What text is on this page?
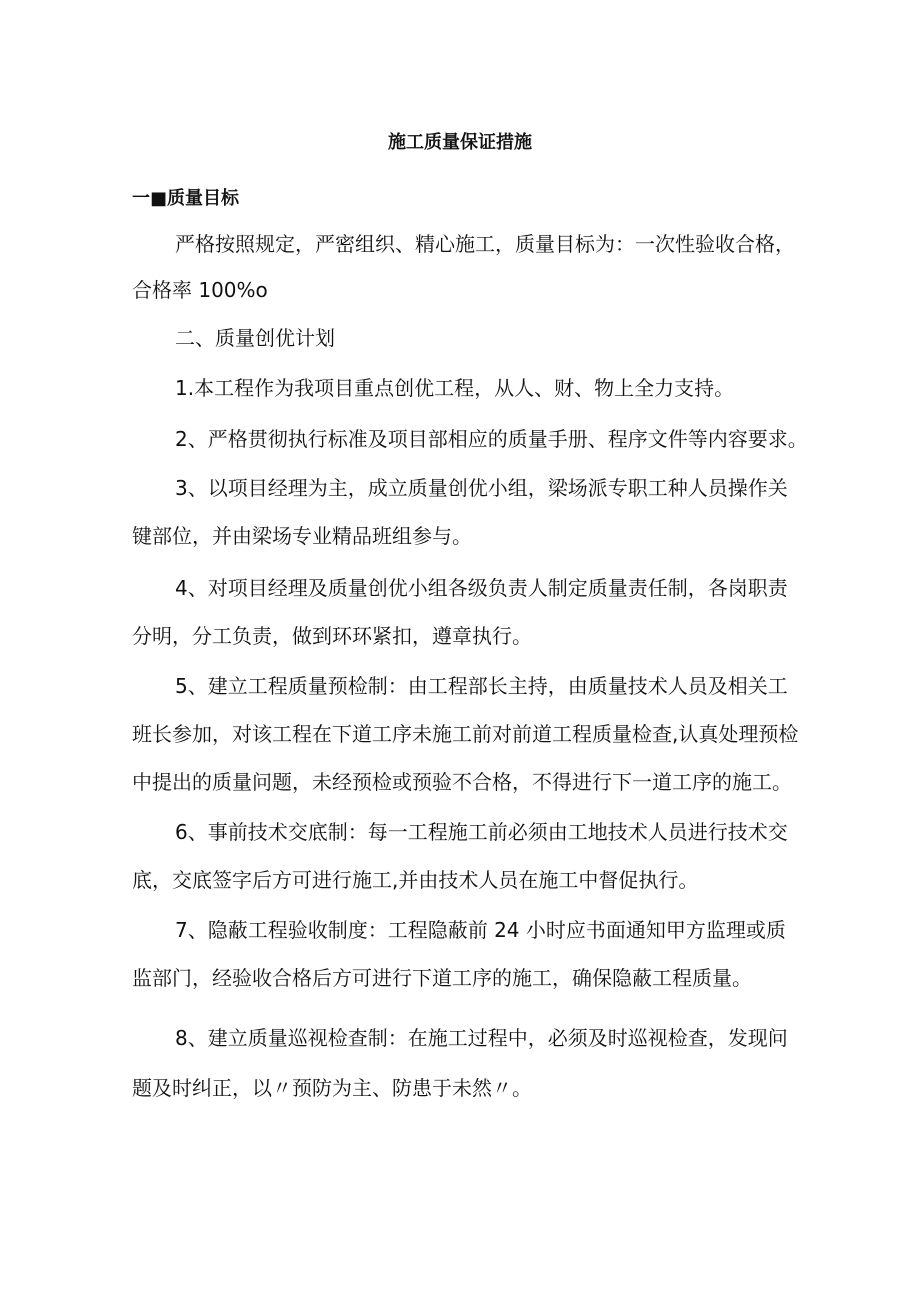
施工质量保证措施
一■质量目标

严格按照规定，严密组织、精心施工，质量目标为：一次性验收合格，

合格率 100%o

二、质量创优计划

1.本工程作为我项目重点创优工程，从人、财、物上全力支持。

2、严格贯彻执行标准及项目部相应的质量手册、程序文件等内容要求。

3、以项目经理为主，成立质量创优小组，梁场派专职工种人员操作关

键部位，并由梁场专业精品班组参与。

4、对项目经理及质量创优小组各级负责人制定质量责任制，各岗职责

分明，分工负责，做到环环紧扣，遵章执行。

5、建立工程质量预检制：由工程部长主持，由质量技术人员及相关工

班长参加，对该工程在下道工序未施工前对前道工程质量检查,认真处理预检

中提出的质量问题，未经预检或预验不合格，不得进行下一道工序的施工。

6、事前技术交底制：每一工程施工前必须由工地技术人员进行技术交

底，交底签字后方可进行施工,并由技术人员在施工中督促执行。

7、隐蔽工程验收制度：工程隐蔽前 24 小时应书面通知甲方监理或质

监部门，经验收合格后方可进行下道工序的施工，确保隐蔽工程质量。

8、建立质量巡视检查制：在施工过程中，必须及时巡视检查，发现问

题及时纠正，以〃预防为主、防患于未然〃。
